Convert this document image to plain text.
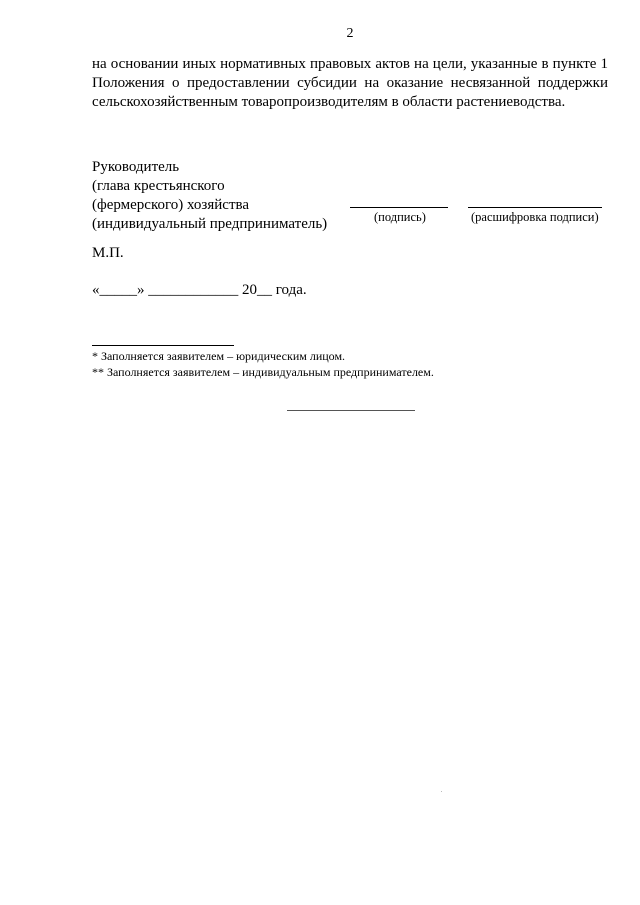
2
на основании иных нормативных правовых актов на цели, указанные в пункте 1
Положения о предоставлении субсидии на оказание несвязанной поддержки
сельскохозяйственным товаропроизводителям в области растениеводства.
Руководитель
(глава крестьянского
(фермерского) хозяйства
(индивидуальный предприниматель)	(подпись)	(расшифровка подписи)
М.П.
«_____» ____________ 20__ года.
* Заполняется заявителем – юридическим лицом.
** Заполняется заявителем – индивидуальным предпринимателем.
